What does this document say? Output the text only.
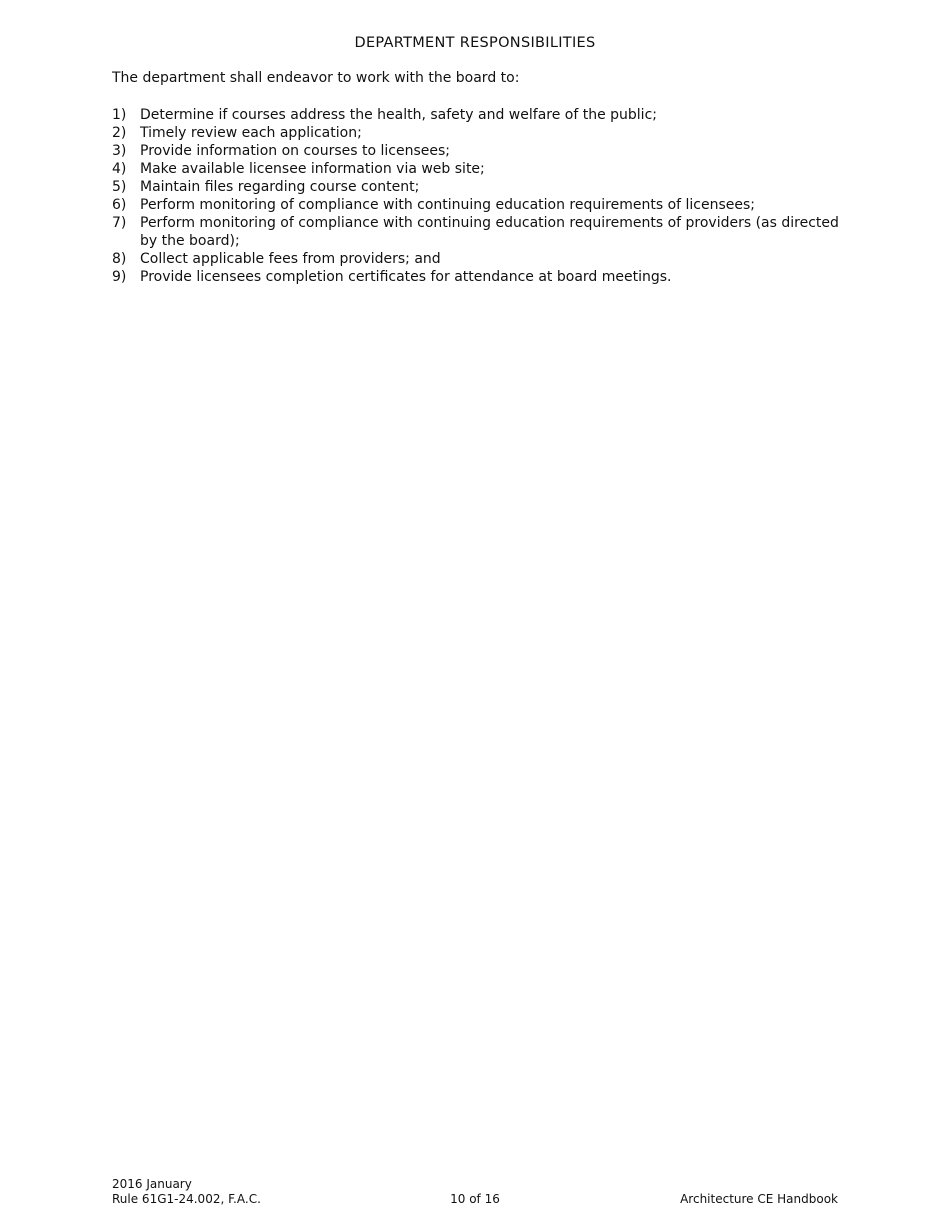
DEPARTMENT RESPONSIBILITIES
The department shall endeavor to work with the board to:
1) Determine if courses address the health, safety and welfare of the public;
2) Timely review each application;
3) Provide information on courses to licensees;
4) Make available licensee information via web site;
5) Maintain files regarding course content;
6) Perform monitoring of compliance with continuing education requirements of licensees;
7) Perform monitoring of compliance with continuing education requirements of providers (as directed by the board);
8) Collect applicable fees from providers; and
9) Provide licensees completion certificates for attendance at board meetings.
2016 January
Rule 61G1-24.002, F.A.C.	10 of 16	Architecture CE Handbook
